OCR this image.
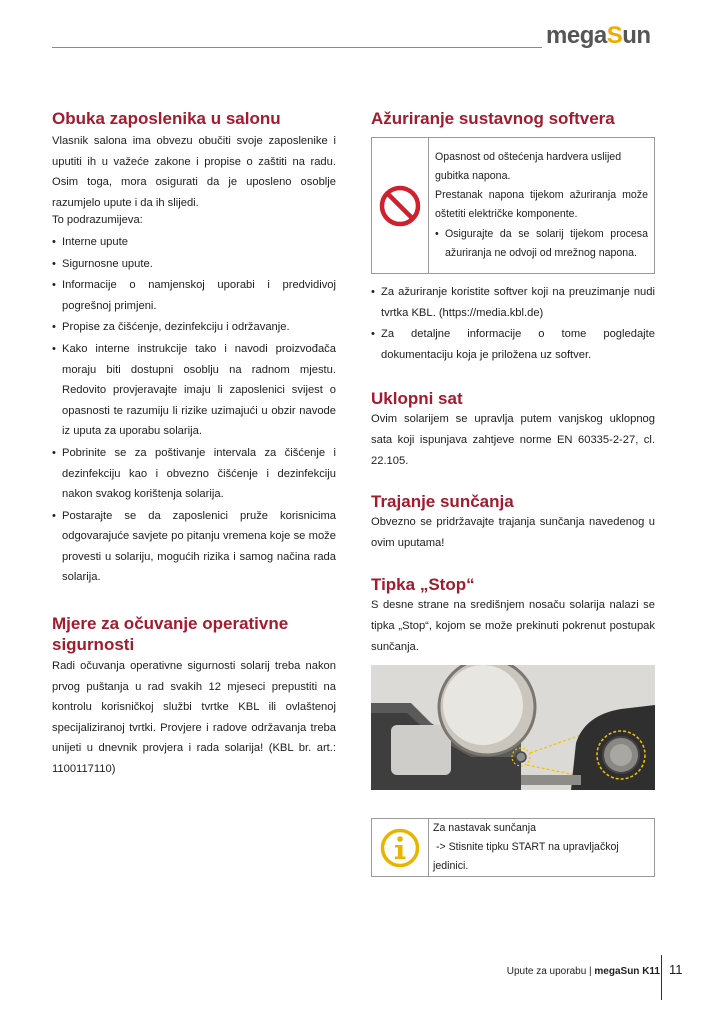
megaSun
Obuka zaposlenika u salonu

Vlasnik salona ima obvezu obučiti svoje zaposlenike i uputiti ih u važeće zakone i propise o zaštiti na radu. Osim toga, mora osigurati da je uposleno osoblje razumjelo upute i da ih slijedi.

To podrazumijeva:

• Interne upute
• Sigurnosne upute.
• Informacije o namjenskoj uporabi i predvidivoj pogrešnoj primjeni.
• Propise za čišćenje, dezinfekciju i održavanje.
• Kako interne instrukcije tako i navodi proizvođača moraju biti dostupni osoblju na radnom mjestu. Redovito provjeravajte imaju li zaposlenici svijest o opasnosti te razumiju li rizike uzimajući u obzir navode iz uputa za uporabu solarija.
• Pobrinite se za poštivanje intervala za čišćenje i dezinfekciju kao i obvezno čišćenje i dezinfekciju nakon svakog korištenja solarija.
• Postarajte se da zaposlenici pruže korisnicima odgovarajuće savjete po pitanju vremena koje se može provesti u solariju, mogućih rizika i samog načina rada solarija.
Mjere za očuvanje operativne sigurnosti

Radi očuvanja operativne sigurnosti solarij treba nakon prvog puštanja u rad svakih 12 mjeseci prepustiti na kontrolu korisničkoj službi tvrtke KBL ili ovlaštenoj specijaliziranoj tvrtki. Provjere i radove održavanja treba unijeti u dnevnik provjera i rada solarija! (KBL br. art.: 1100117110)

Ažuriranje sustavnog softvera

Opasnost od oštećenja hardvera uslijed gubitka napona.

Prestanak napona tijekom ažuriranja može oštetiti električke komponente.

• Osigurajte da se solarij tijekom procesa ažuriranja ne odvoji od mrežnog napona.
• Za ažuriranje koristite softver koji na preuzimanje nudi tvrtka KBL. (https://media.kbl.de)
• Za detaljne informacije o tome pogledajte dokumentaciju koja je priložena uz softver.
Uklopni sat

Ovim solarijem se upravlja putem vanjskog uklopnog sata koji ispunjava zahtjeve norme EN 60335-2-27, cl. 22.105.

Trajanje sunčanja

Obvezno se pridržavajte trajanja sunčanja navedenog u ovim uputama!

Tipka „Stop“

S desne strane na središnjem nosaču solarija nalazi se tipka „Stop“, kojom se može prekinuti pokrenut postupak sunčanja.

Za nastavak sunčanja

-> Stisnite tipku START na upravljačkoj jedinici.

Upute za uporabu | megaSun K11 11
